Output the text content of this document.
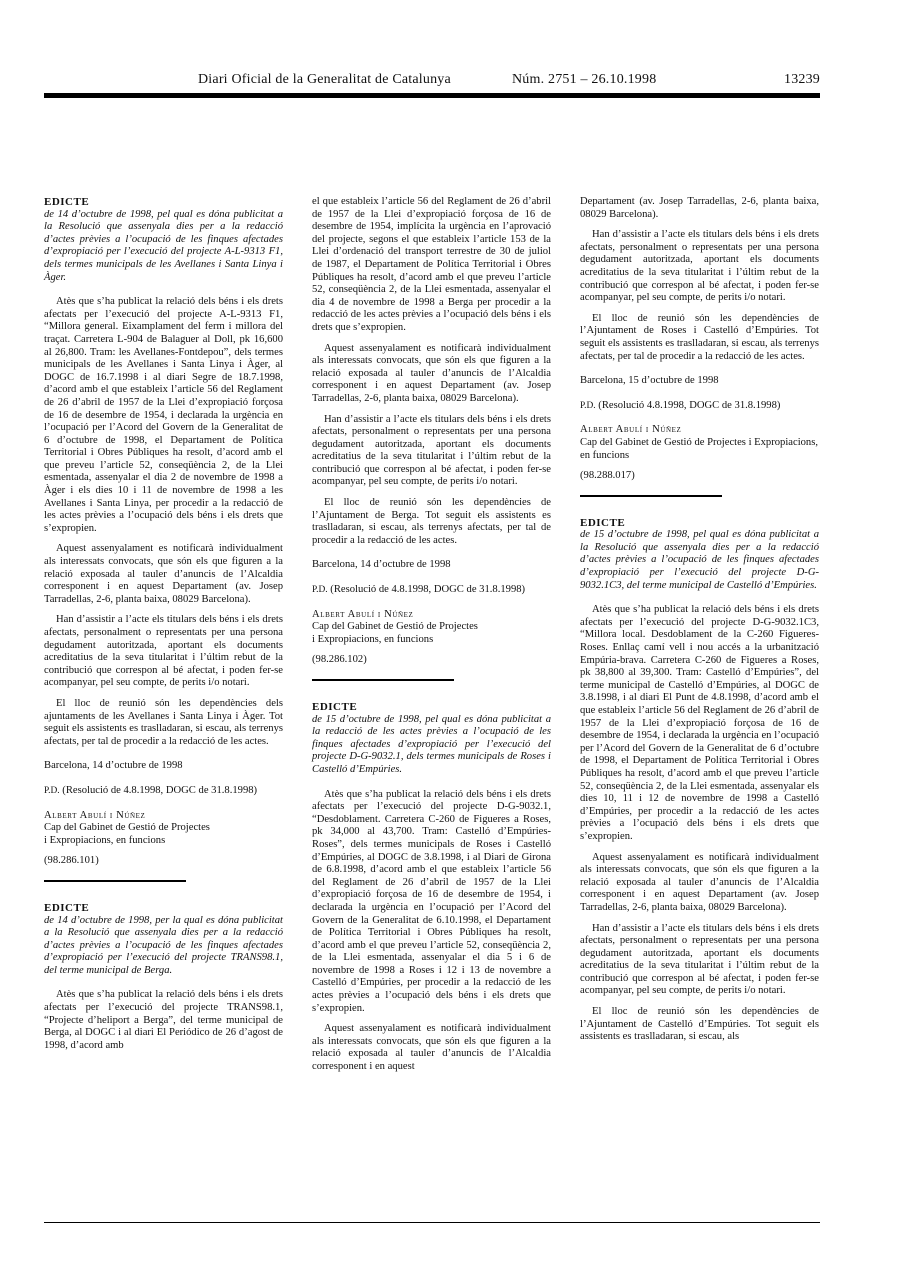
Diari Oficial de la Generalitat de Catalunya	Núm. 2751 – 26.10.1998	13239

EDICTE

de 14 d’octubre de 1998, pel qual es dóna publicitat a la Resolució que assenyala dies per a la redacció d’actes prèvies a l’ocupació de les finques afectades d’expropiació per l’execució del projecte A-L-9313 F1, dels termes municipals de les Avellanes i Santa Linya i Àger.

Atès que s’ha publicat la relació dels béns i els drets afectats per l’execució del projecte A-L-9313 F1, “Millora general. Eixamplament del ferm i millora del traçat. Carretera L-904 de Balaguer al Doll, pk 16,600 al 26,800. Tram: les Avellanes-Fontdepou”, dels termes municipals de les Avellanes i Santa Linya i Àger, al DOGC de 16.7.1998 i al diari Segre de 18.7.1998, d’acord amb el que estableix l’article 56 del Reglament de 26 d’abril de 1957 de la Llei d’expropiació forçosa de 16 de desembre de 1954, i declarada la urgència en l’ocupació per l’Acord del Govern de la Generalitat de 6 d’octubre de 1998, el Departament de Política Territorial i Obres Públiques ha resolt, d’acord amb el que preveu l’article 52, conseqüència 2, de la Llei esmentada, assenyalar el dia 2 de novembre de 1998 a Àger i els dies 10 i 11 de novembre de 1998 a les Avellanes i Santa Linya, per procedir a la redacció de les actes prèvies a l’ocupació dels béns i els drets que s’expropien.

Aquest assenyalament es notificarà individualment als interessats convocats, que són els que figuren a la relació exposada al tauler d’anuncis de l’Alcaldia corresponent i en aquest Departament (av. Josep Tarradellas, 2-6, planta baixa, 08029 Barcelona).

Han d’assistir a l’acte els titulars dels béns i els drets afectats, personalment o representats per una persona degudament autoritzada, aportant els documents acreditatius de la seva titularitat i l’últim rebut de la contribució que correspon al bé afectat, i poden fer-se acompanyar, pel seu compte, de perits i/o notari.

El lloc de reunió són les dependències dels ajuntaments de les Avellanes i Santa Linya i Àger. Tot seguit els assistents es traslladaran, si escau, als terrenys afectats, per tal de procedir a la redacció de les actes.

Barcelona, 14 d’octubre de 1998

P.D. (Resolució de 4.8.1998, DOGC de 31.8.1998)

Albert Abulí i Núñez

Cap del Gabinet de Gestió de Projectes

i Expropiacions, en funcions

(98.286.101)

EDICTE

de 14 d’octubre de 1998, per la qual es dóna publicitat a la Resolució que assenyala dies per a la redacció d’actes prèvies a l’ocupació de les finques afectades d’expropiació per l’execució del projecte TRANS98.1, del terme municipal de Berga.

Atès que s’ha publicat la relació dels béns i els drets afectats per l’execució del projecte TRANS98.1, “Projecte d’heliport a Berga”, del terme municipal de Berga, al DOGC i al diari El Periódico de 26 d’agost de 1998, d’acord amb

el que estableix l’article 56 del Reglament de 26 d’abril de 1957 de la Llei d’expropiació forçosa de 16 de desembre de 1954, implícita la urgència en l’aprovació del projecte, segons el que estableix l’article 153 de la Llei d’ordenació del transport terrestre de 30 de juliol de 1987, el Departament de Política Territorial i Obres Públiques ha resolt, d’acord amb el que preveu l’article 52, conseqüència 2, de la Llei esmentada, assenyalar el dia 4 de novembre de 1998 a Berga per procedir a la redacció de les actes prèvies a l’ocupació dels béns i els drets que s’expropien.

Aquest assenyalament es notificarà individualment als interessats convocats, que són els que figuren a la relació exposada al tauler d’anuncis de l’Alcaldia corresponent i en aquest Departament (av. Josep Tarradellas, 2-6, planta baixa, 08029 Barcelona).

Han d’assistir a l’acte els titulars dels béns i els drets afectats, personalment o representats per una persona degudament autoritzada, aportant els documents acreditatius de la seva titularitat i l’últim rebut de la contribució que correspon al bé afectat, i poden fer-se acompanyar, pel seu compte, de perits i/o notari.

El lloc de reunió són les dependències de l’Ajuntament de Berga. Tot seguit els assistents es traslladaran, si escau, als terrenys afectats, per tal de procedir a la redacció de les actes.

Barcelona, 14 d’octubre de 1998

P.D. (Resolució de 4.8.1998, DOGC de 31.8.1998)

Albert Abulí i Núñez

Cap del Gabinet de Gestió de Projectes

i Expropiacions, en funcions

(98.286.102)

EDICTE

de 15 d’octubre de 1998, pel qual es dóna publicitat a la redacció de les actes prèvies a l’ocupació de les finques afectades d’expropiació per l’execució del projecte D-G-9032.1, dels termes municipals de Roses i Castelló d’Empúries.

Atès que s’ha publicat la relació dels béns i els drets afectats per l’execució del projecte D-G-9032.1, “Desdoblament. Carretera C-260 de Figueres a Roses, pk 34,000 al 43,700. Tram: Castelló d’Empúries-Roses”, dels termes municipals de Roses i Castelló d’Empúries, al DOGC de 3.8.1998, i al Diari de Girona de 6.8.1998, d’acord amb el que estableix l’article 56 del Reglament de 26 d’abril de 1957 de la Llei d’expropiació forçosa de 16 de desembre de 1954, i declarada la urgència en l’ocupació per l’Acord del Govern de la Generalitat de 6.10.1998, el Departament de Política Territorial i Obres Públiques ha resolt, d’acord amb el que preveu l’article 52, conseqüència 2, de la Llei esmentada, assenyalar el dia 5 i 6 de novembre de 1998 a Roses i 12 i 13 de novembre a Castelló d’Empúries, per procedir a la redacció de les actes prèvies a l’ocupació dels béns i els drets que s’expropien.

Aquest assenyalament es notificarà individualment als interessats convocats, que són els que figuren a la relació exposada al tauler d’anuncis de l’Alcaldia corresponent i en aquest

Departament (av. Josep Tarradellas, 2-6, planta baixa, 08029 Barcelona).

Han d’assistir a l’acte els titulars dels béns i els drets afectats, personalment o representats per una persona degudament autoritzada, aportant els documents acreditatius de la seva titularitat i l’últim rebut de la contribució que correspon al bé afectat, i poden fer-se acompanyar, pel seu compte, de perits i/o notari.

El lloc de reunió són les dependències de l’Ajuntament de Roses i Castelló d’Empúries. Tot seguit els assistents es traslladaran, si escau, als terrenys afectats, per tal de procedir a la redacció de les actes.

Barcelona, 15 d’octubre de 1998

P.D. (Resolució 4.8.1998, DOGC de 31.8.1998)

Albert Abulí i Núñez

Cap del Gabinet de Gestió de Projectes i Expropiacions, en funcions

(98.288.017)

EDICTE

de 15 d’octubre de 1998, pel qual es dóna publicitat a la Resolució que assenyala dies per a la redacció d’actes prèvies a l’ocupació de les finques afectades d’expropiació per l’execució del projecte D-G-9032.1C3, del terme municipal de Castelló d’Empúries.

Atès que s’ha publicat la relació dels béns i els drets afectats per l’execució del projecte D-G-9032.1C3, “Millora local. Desdoblament de la C-260 Figueres-Roses. Enllaç camí vell i nou accés a la urbanització Empúria-brava. Carretera C-260 de Figueres a Roses, pk 38,800 al 39,300. Tram: Castelló d’Empúries”, del terme municipal de Castelló d’Empúries, al DOGC de 3.8.1998, i al diari El Punt de 4.8.1998, d’acord amb el que estableix l’article 56 del Reglament de 26 d’abril de 1957 de la Llei d’expropiació forçosa de 16 de desembre de 1954, i declarada la urgència en l’ocupació per l’Acord del Govern de la Generalitat de 6 d’octubre de 1998, el Departament de Política Territorial i Obres Públiques ha resolt, d’acord amb el que preveu l’article 52, conseqüència 2, de la Llei esmentada, assenyalar els dies 10, 11 i 12 de novembre de 1998 a Castelló d’Empúries, per procedir a la redacció de les actes prèvies a l’ocupació dels béns i els drets que s’expropien.

Aquest assenyalament es notificarà individualment als interessats convocats, que són els que figuren a la relació exposada al tauler d’anuncis de l’Alcaldia corresponent i en aquest Departament (av. Josep Tarradellas, 2-6, planta baixa, 08029 Barcelona).

Han d’assistir a l’acte els titulars dels béns i els drets afectats, personalment o representats per una persona degudament autoritzada, aportant els documents acreditatius de la seva titularitat i l’últim rebut de la contribució que correspon al bé afectat, i poden fer-se acompanyar, pel seu compte, de perits i/o notari.

El lloc de reunió són les dependències de l’Ajuntament de Castelló d’Empúries. Tot seguit els assistents es traslladaran, si escau, als
